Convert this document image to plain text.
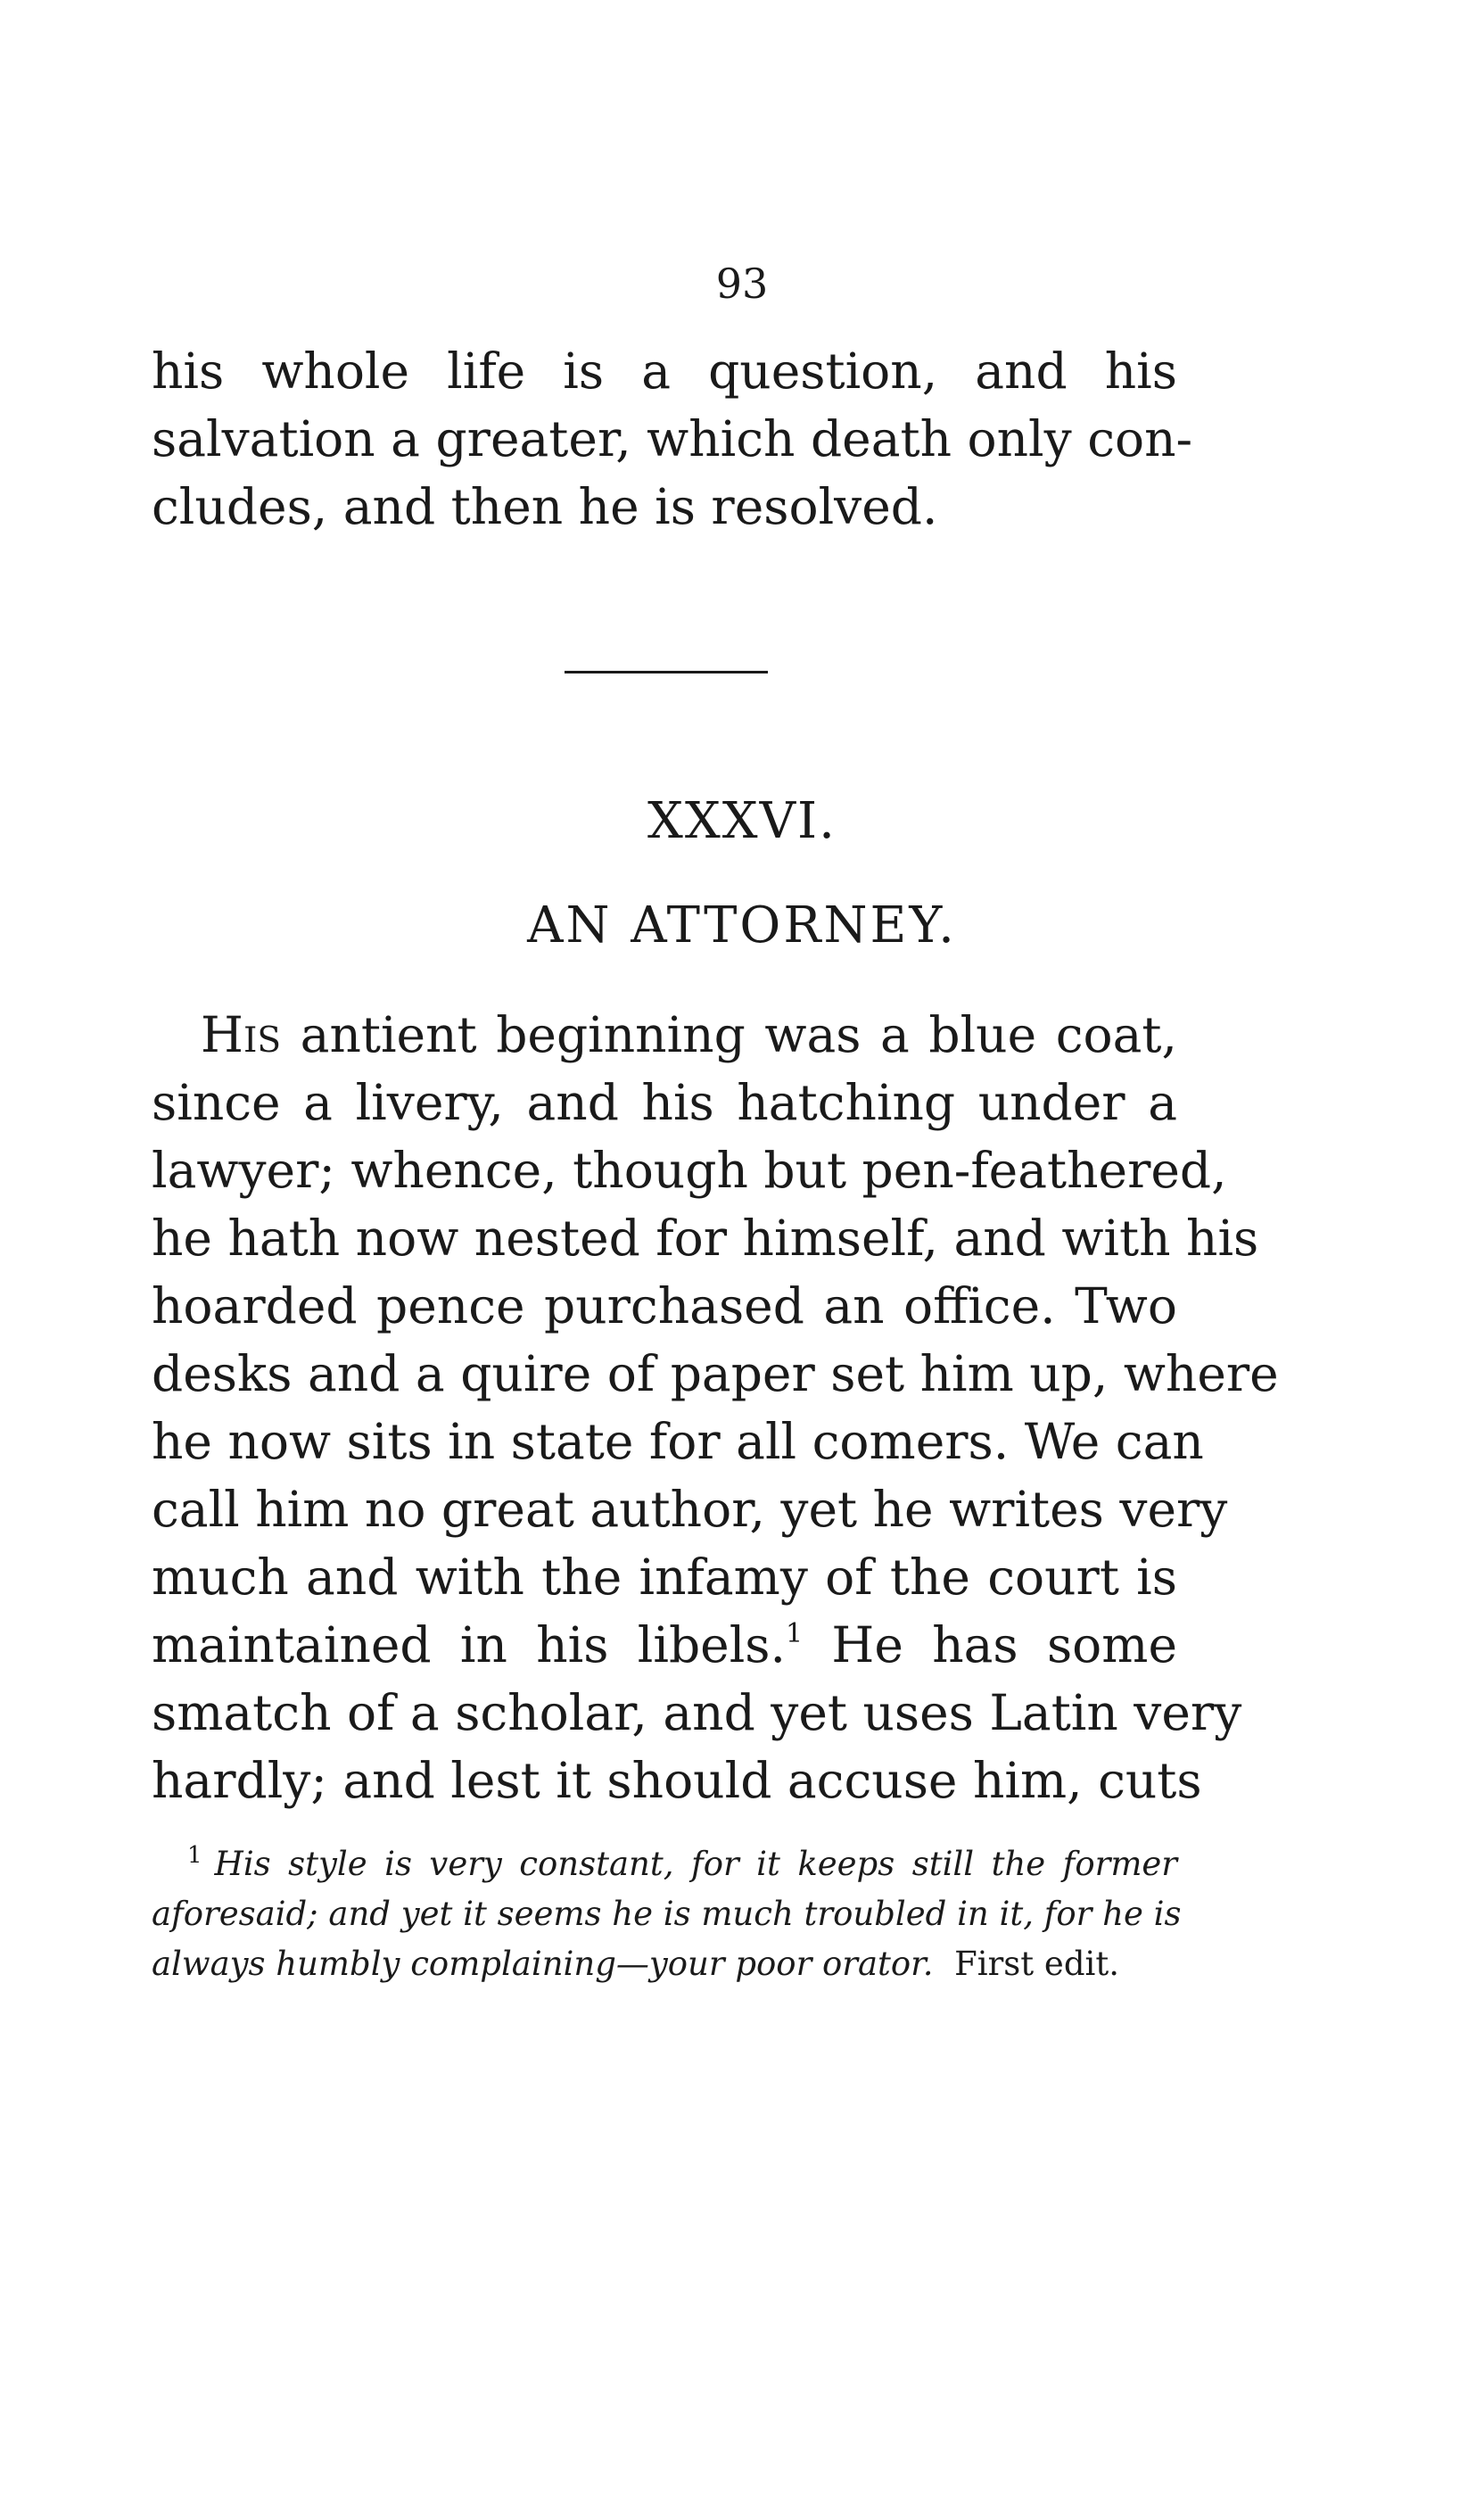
93
his whole life is a question, and his
salvation a greater, which death only con-
cludes, and then he is resolved.
XXXVI.
AN ATTORNEY.
His antient beginning was a blue coat,
since a livery, and his hatching under a
lawyer; whence, though but pen-feathered,
he hath now nested for himself, and with his
hoarded pence purchased an office. Two
desks and a quire of paper set him up, where
he now sits in state for all comers. We can
call him no great author, yet he writes very
much and with the infamy of the court is
maintained in his libels.$^1$ He has some
smatch of a scholar, and yet uses Latin very
hardly; and lest it should accuse him, cuts
$^1$ His style is very constant, for it keeps still the former
aforesaid; and yet it seems he is much troubled in it, for he is
always humbly complaining—your poor orator. First edit.
